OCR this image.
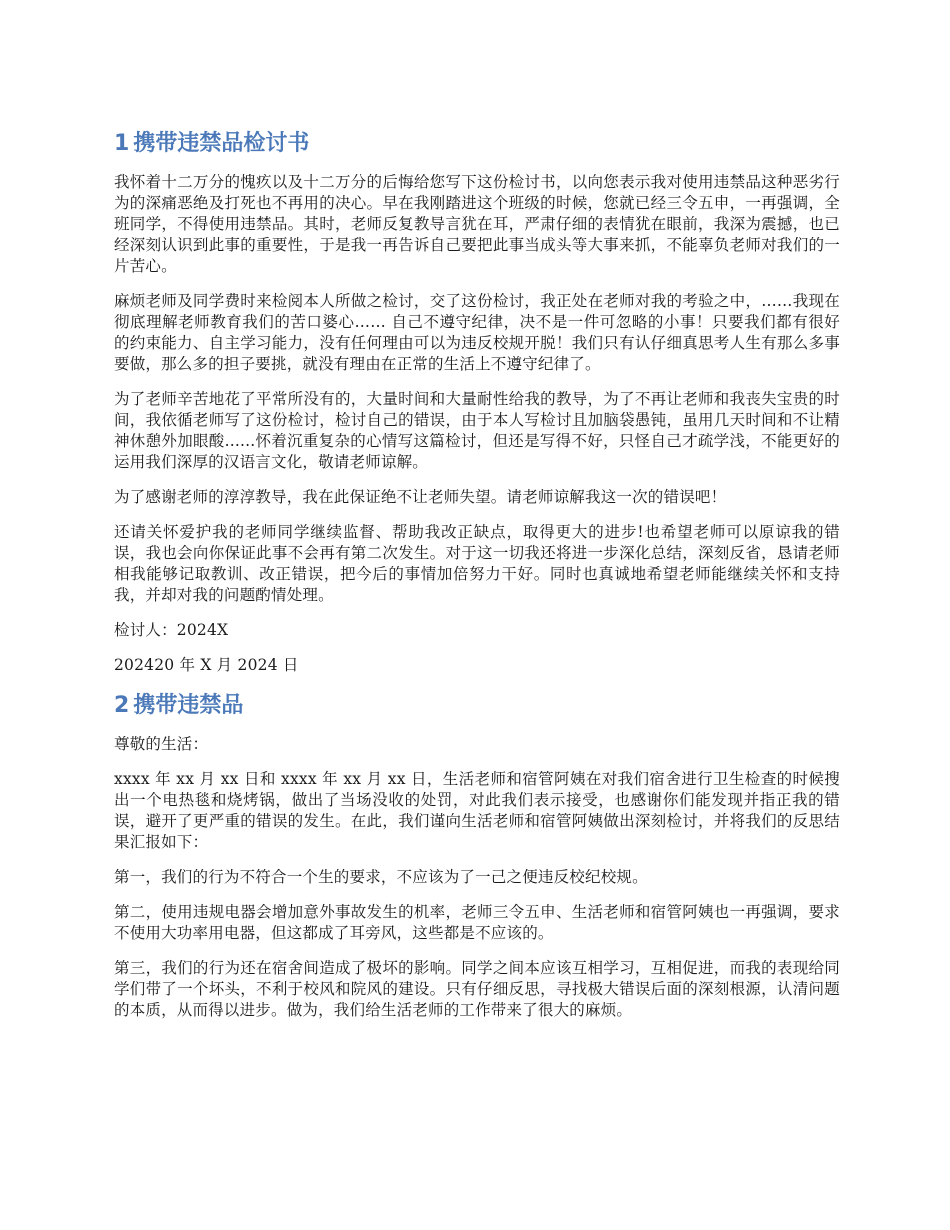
1 携带违禁品检讨书

我怀着十二万分的愧疚以及十二万分的后悔给您写下这份检讨书，以向您表示我对使用违禁品这种恶劣行为的深痛恶绝及打死也不再用的决心。早在我刚踏进这个班级的时候，您就已经三令五申，一再强调，全班同学，不得使用违禁品。其时，老师反复教导言犹在耳，严肃仔细的表情犹在眼前，我深为震撼，也已经深刻认识到此事的重要性，于是我一再告诉自己要把此事当成头等大事来抓，不能辜负老师对我们的一片苦心。

麻烦老师及同学费时来检阅本人所做之检讨，交了这份检讨，我正处在老师对我的考验之中，……我现在彻底理解老师教育我们的苦口婆心…… 自己不遵守纪律，决不是一件可忽略的小事！只要我们都有很好的约束能力、自主学习能力，没有任何理由可以为违反校规开脱！我们只有认仔细真思考人生有那么多事要做，那么多的担子要挑，就没有理由在正常的生活上不遵守纪律了。

为了老师辛苦地花了平常所没有的，大量时间和大量耐性给我的教导，为了不再让老师和我丧失宝贵的时间，我依循老师写了这份检讨，检讨自己的错误，由于本人写检讨且加脑袋愚钝，虽用几天时间和不让精神休憩外加眼酸......怀着沉重复杂的心情写这篇检讨，但还是写得不好，只怪自己才疏学浅，不能更好的运用我们深厚的汉语言文化，敬请老师谅解。

为了感谢老师的淳淳教导，我在此保证绝不让老师失望。请老师谅解我这一次的错误吧！

还请关怀爱护我的老师同学继续监督、帮助我改正缺点，取得更大的进步!也希望老师可以原谅我的错误，我也会向你保证此事不会再有第二次发生。对于这一切我还将进一步深化总结，深刻反省，恳请老师相我能够记取教训、改正错误，把今后的事情加倍努力干好。同时也真诚地希望老师能继续关怀和支持我，并却对我的问题酌情处理。

检讨人：2024X

202420 年 X 月 2024 日

2 携带违禁品

尊敬的生活：

xxxx 年 xx 月 xx 日和 xxxx 年 xx 月 xx 日，生活老师和宿管阿姨在对我们宿舍进行卫生检查的时候搜出一个电热毯和烧烤锅，做出了当场没收的处罚，对此我们表示接受，也感谢你们能发现并指正我的错误，避开了更严重的错误的发生。在此，我们谨向生活老师和宿管阿姨做出深刻检讨，并将我们的反思结果汇报如下：

第一，我们的行为不符合一个生的要求，不应该为了一己之便违反校纪校规。

第二，使用违规电器会增加意外事故发生的机率，老师三令五申、生活老师和宿管阿姨也一再强调，要求不使用大功率用电器，但这都成了耳旁风，这些都是不应该的。

第三，我们的行为还在宿舍间造成了极坏的影响。同学之间本应该互相学习，互相促进，而我的表现给同学们带了一个坏头，不利于校风和院风的建设。只有仔细反思，寻找极大错误后面的深刻根源，认清问题的本质，从而得以进步。做为，我们给生活老师的工作带来了很大的麻烦。
